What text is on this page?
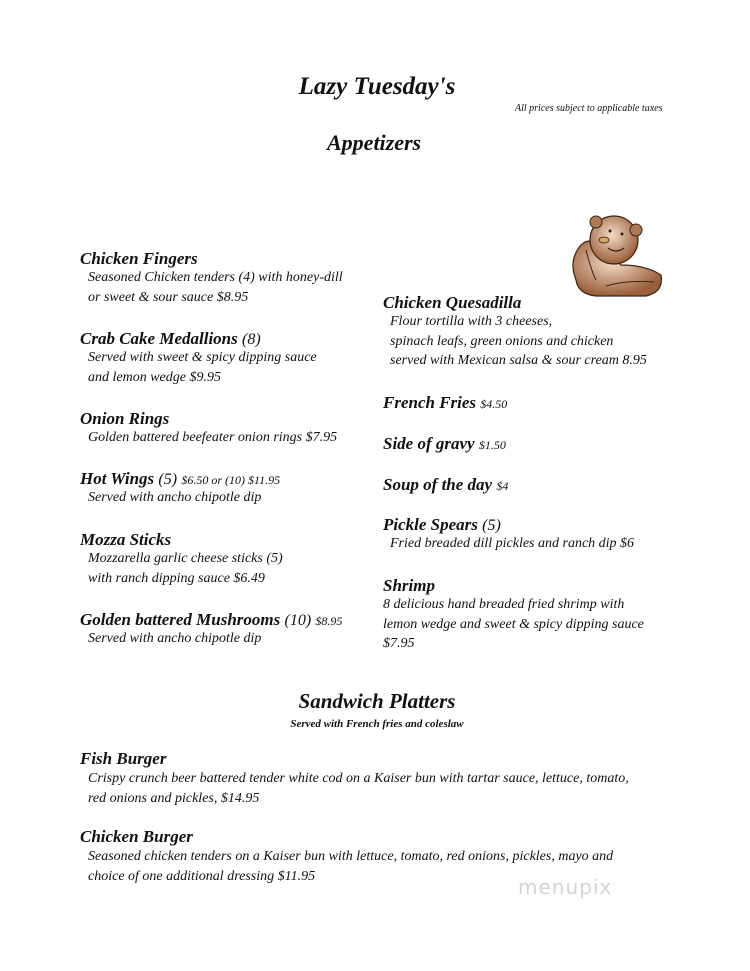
Lazy Tuesday's
All prices subject to applicable taxes
Appetizers
Chicken Fingers
Seasoned Chicken tenders (4) with honey-dill
or sweet & sour sauce $8.95
Crab Cake Medallions (8)
Served with sweet & spicy dipping sauce
and lemon wedge $9.95
Onion Rings
Golden battered beefeater onion rings $7.95
Hot Wings (5) $6.50 or (10) $11.95
Served with ancho chipotle dip
Mozza Sticks
Mozzarella garlic cheese sticks (5)
with ranch dipping sauce $6.49
Golden battered Mushrooms (10) $8.95
Served with ancho chipotle dip
Chicken Quesadilla
Flour tortilla with 3 cheeses,
spinach leafs, green onions and chicken
served with Mexican salsa & sour cream 8.95
French Fries $4.50
Side of gravy $1.50
Soup of the day $4
Pickle Spears (5)
Fried breaded dill pickles and ranch dip $6
Shrimp
8 delicious hand breaded fried shrimp with
lemon wedge and sweet & spicy dipping sauce
$7.95
Sandwich Platters
Served with French fries and coleslaw
Fish Burger
Crispy crunch beer battered tender white cod on a Kaiser bun with tartar sauce, lettuce, tomato,
red onions and pickles, $14.95
Chicken Burger
Seasoned chicken tenders on a Kaiser bun with lettuce, tomato, red onions, pickles, mayo and
choice of one additional dressing $11.95	menupix
